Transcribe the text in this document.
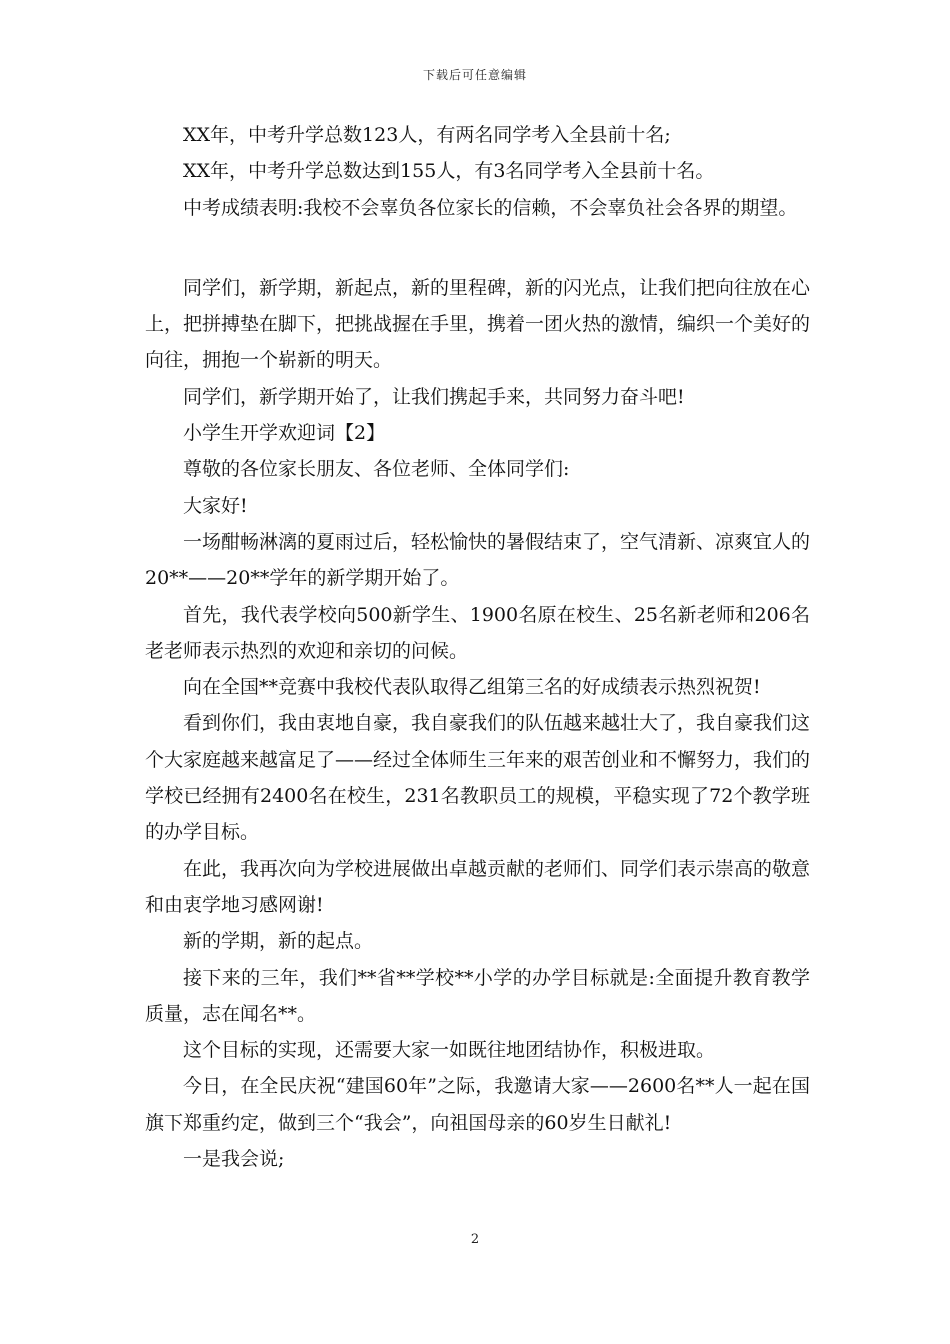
下载后可任意编辑

XX年，中考升学总数123人，有两名同学考入全县前十名;

XX年，中考升学总数达到155人，有3名同学考入全县前十名。

中考成绩表明:我校不会辜负各位家长的信赖，不会辜负社会各界的期望。

同学们，新学期，新起点，新的里程碑，新的闪光点，让我们把向往放在心上，把拼搏垫在脚下，把挑战握在手里，携着一团火热的激情，编织一个美好的向往，拥抱一个崭新的明天。

同学们，新学期开始了，让我们携起手来，共同努力奋斗吧!

小学生开学欢迎词【2】

尊敬的各位家长朋友、各位老师、全体同学们:

大家好!

一场酣畅淋漓的夏雨过后，轻松愉快的暑假结束了，空气清新、凉爽宜人的20**——20**学年的新学期开始了。

首先，我代表学校向500新学生、1900名原在校生、25名新老师和206名老老师表示热烈的欢迎和亲切的问候。

向在全国**竞赛中我校代表队取得乙组第三名的好成绩表示热烈祝贺!

看到你们，我由衷地自豪，我自豪我们的队伍越来越壮大了，我自豪我们这个大家庭越来越富足了——经过全体师生三年来的艰苦创业和不懈努力，我们的学校已经拥有2400名在校生，231名教职员工的规模，平稳实现了72个教学班的办学目标。

在此，我再次向为学校进展做出卓越贡献的老师们、同学们表示崇高的敬意和由衷学地习感网谢!

新的学期，新的起点。

接下来的三年，我们**省**学校**小学的办学目标就是:全面提升教育教学质量，志在闻名**。

这个目标的实现，还需要大家一如既往地团结协作，积极进取。

今日，在全民庆祝“建国60年”之际，我邀请大家——2600名**人一起在国旗下郑重约定，做到三个“我会”，向祖国母亲的60岁生日献礼!

一是我会说;

2
